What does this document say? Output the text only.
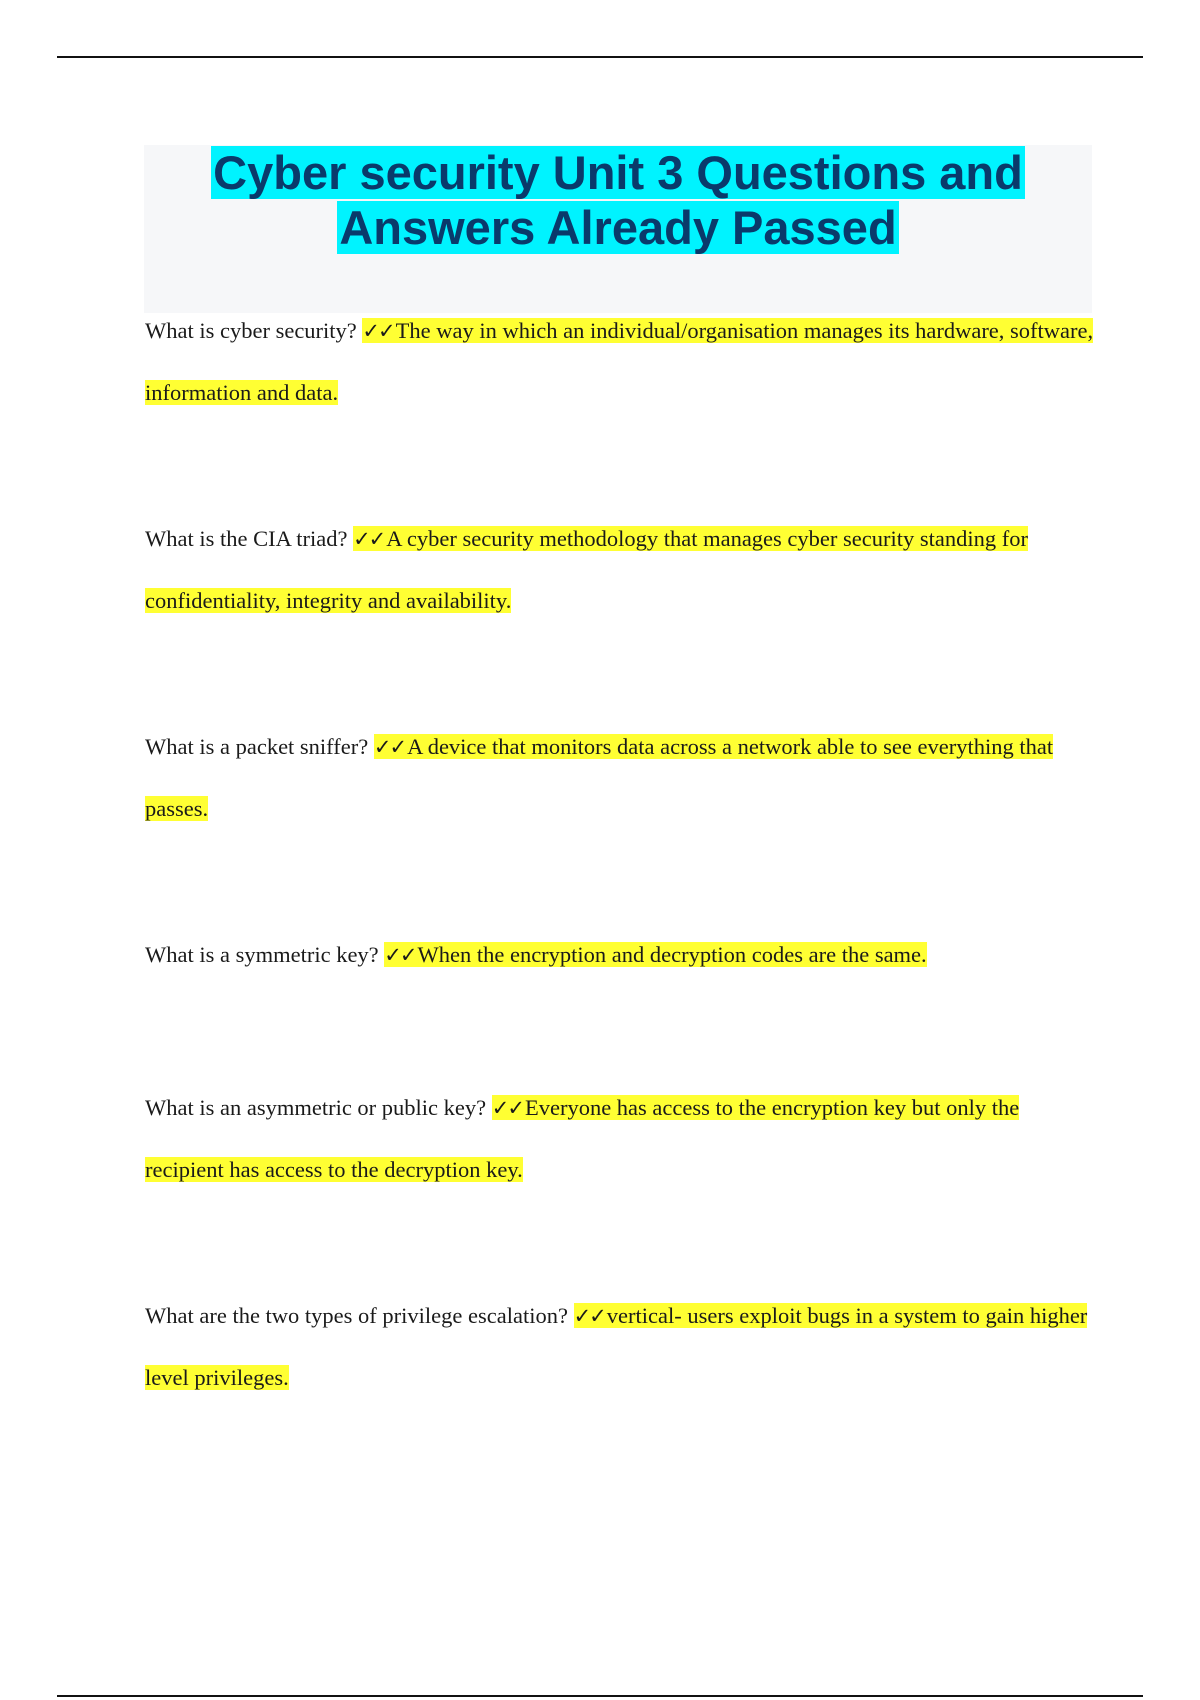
Cyber security Unit 3 Questions and
Answers Already Passed

What is cyber security? ✓✓The way in which an individual/organisation manages its hardware, software, information and data.

What is the CIA triad? ✓✓A cyber security methodology that manages cyber security standing for confidentiality, integrity and availability.

What is a packet sniffer? ✓✓A device that monitors data across a network able to see everything that passes.

What is a symmetric key? ✓✓When the encryption and decryption codes are the same.

What is an asymmetric or public key? ✓✓Everyone has access to the encryption key but only the recipient has access to the decryption key.

What are the two types of privilege escalation? ✓✓vertical- users exploit bugs in a system to gain higher level privileges.
